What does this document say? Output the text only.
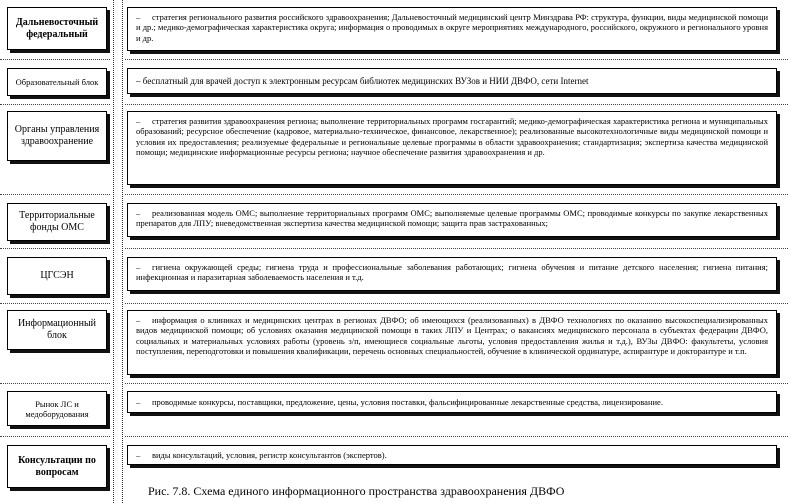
Дальневосточный федеральный
– стратегия регионального развития российского здравоохранения; Дальневосточный медицинский центр Минздрава РФ: структура, функции, виды медицинской помощи и др.; медико-демографическая характеристика округа; информация о проводимых в округе мероприятиях международного, российского, окружного и регионального уровня и др.
Образовательный блок	– бесплатный для врачей доступ к электронным ресурсам библиотек медицинских ВУЗов и НИИ ДВФО, сети Internet
Органы управления здравоохранение
– стратегия развития здравоохранения региона; выполнение территориальных программ госгарантий; медико-демографическая характеристика региона и муниципальных образований; ресурсное обеспечение (кадровое, материально-техническое, финансовое, лекарственное); реализованные высокотехнологичные виды медицинской помощи и условия их предоставления; реализуемые федеральные и региональные целевые программы в области здравоохранения; стандартизация; экспертиза качества медицинской помощи; медицинские информационные ресурсы региона; научное обеспечение развития здравоохранения и др.
Территориальные фонды ОМС
– реализованная модель ОМС; выполнение территориальных программ ОМС; выполняемые целевые программы ОМС; проводимые конкурсы по закупке лекарственных препаратов для ЛПУ; вневедомственная экспертиза качества медицинской помощи; защита прав застрахованных;
ЦГСЭН
– гигиена окружающей среды; гигиена труда и профессиональные заболевания работающих; гигиена обучения и питание детского населения; гигиена питания; инфекционная и паразитарная заболеваемость населения и т.д.
Информационный блок
– информация о клиниках и медицинских центрах в регионах ДВФО; об имеющихся (реализованных) в ДВФО технологиях по оказанию высокоспециализированных видов медицинской помощи; об условиях оказания медицинской помощи в таких ЛПУ и Центрах; о вакансиях медицинского персонала в субъектах федерации ДВФО, социальных и материальных условиях работы (уровень з/п, имеющиеся социальные льготы, условия предоставления жилья и т.д.), ВУЗы ДВФО: факультеты, условия поступления, переподготовки и повышения квалификации, перечень основных специальностей, обучение в клинической ординатуре, аспирантуре и докторантуре и т.п.
Рынок ЛС и медоборудования
–	проводимые конкурсы, поставщики, предложение, цены, условия поставки, фальсифицированные лекарственные средства, лицензирование.
Консультации по вопросам
–	виды консультаций, условия, регистр консультантов (экспертов).
Рис. 7.8. Схема единого информационного пространства здравоохранения ДВФО
